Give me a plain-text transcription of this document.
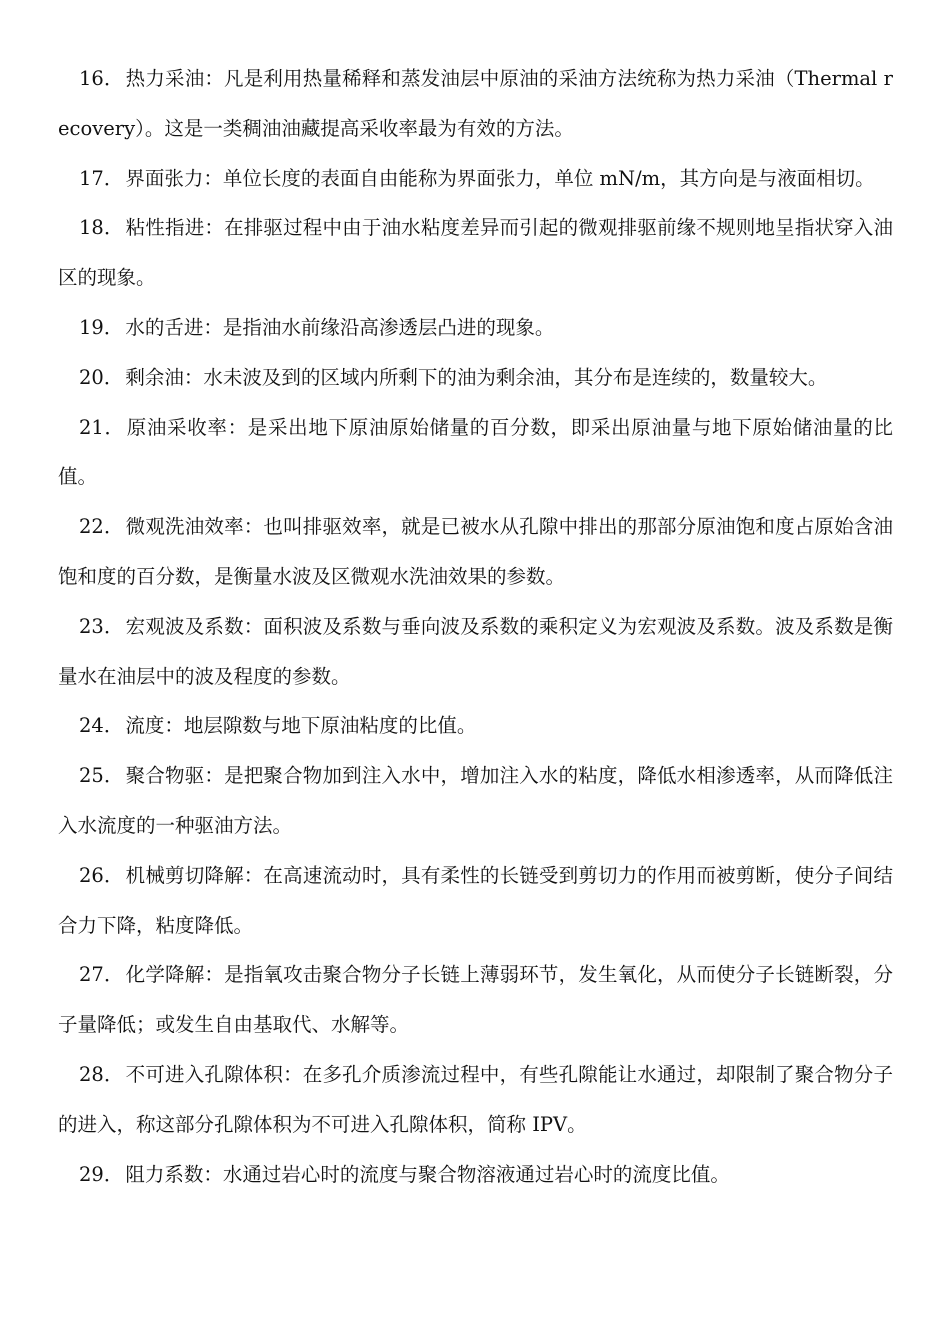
16． 热力采油：凡是利用热量稀释和蒸发油层中原油的采油方法统称为热力采油（Thermal recovery）。这是一类稠油油藏提高采收率最为有效的方法。

17． 界面张力：单位长度的表面自由能称为界面张力，单位 mN/m，其方向是与液面相切。

18． 粘性指进：在排驱过程中由于油水粘度差异而引起的微观排驱前缘不规则地呈指状穿入油区的现象。

19． 水的舌进：是指油水前缘沿高渗透层凸进的现象。

20． 剩余油：水未波及到的区域内所剩下的油为剩余油，其分布是连续的，数量较大。

21． 原油采收率：是采出地下原油原始储量的百分数，即采出原油量与地下原始储油量的比值。

22． 微观洗油效率：也叫排驱效率，就是已被水从孔隙中排出的那部分原油饱和度占原始含油饱和度的百分数，是衡量水波及区微观水洗油效果的参数。

23． 宏观波及系数：面积波及系数与垂向波及系数的乘积定义为宏观波及系数。波及系数是衡量水在油层中的波及程度的参数。

24． 流度：地层隙数与地下原油粘度的比值。

25． 聚合物驱：是把聚合物加到注入水中，增加注入水的粘度，降低水相渗透率，从而降低注入水流度的一种驱油方法。

26． 机械剪切降解：在高速流动时，具有柔性的长链受到剪切力的作用而被剪断，使分子间结合力下降，粘度降低。

27． 化学降解：是指氧攻击聚合物分子长链上薄弱环节，发生氧化，从而使分子长链断裂，分子量降低；或发生自由基取代、水解等。

28． 不可进入孔隙体积：在多孔介质渗流过程中，有些孔隙能让水通过，却限制了聚合物分子的进入，称这部分孔隙体积为不可进入孔隙体积，简称 IPV。

29． 阻力系数：水通过岩心时的流度与聚合物溶液通过岩心时的流度比值。
